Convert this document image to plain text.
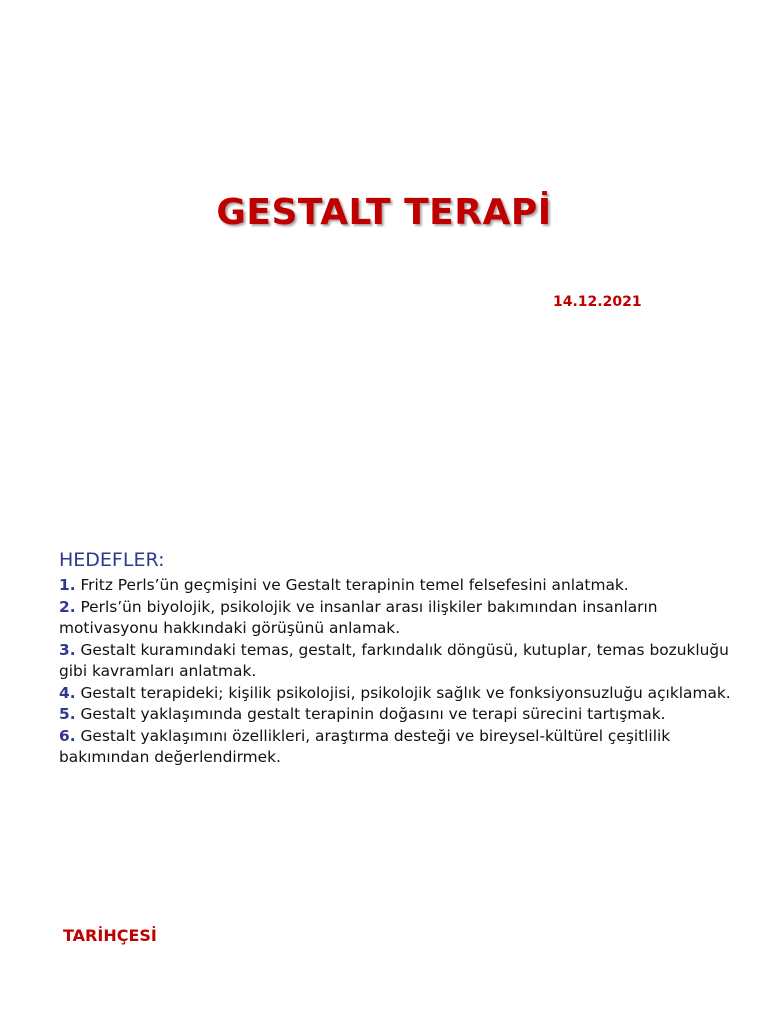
GESTALT TERAPİ
14.12.2021

HEDEFLER:

1. Fritz Perls’ün geçmişini ve Gestalt terapinin temel felsefesini anlatmak.

2. Perls’ün biyolojik, psikolojik ve insanlar arası ilişkiler bakımından insanların motivasyonu hakkındaki görüşünü anlamak.

3. Gestalt kuramındaki temas, gestalt, farkındalık döngüsü, kutuplar, temas bozukluğu gibi kavramları anlatmak.

4. Gestalt terapideki; kişilik psikolojisi, psikolojik sağlık ve fonksiyonsuzluğu açıklamak.

5. Gestalt yaklaşımında gestalt terapinin doğasını ve terapi sürecini tartışmak.

6. Gestalt yaklaşımını özellikleri, araştırma desteği ve bireysel-kültürel çeşitlilik bakımından değerlendirmek.

TARİHÇESİ
